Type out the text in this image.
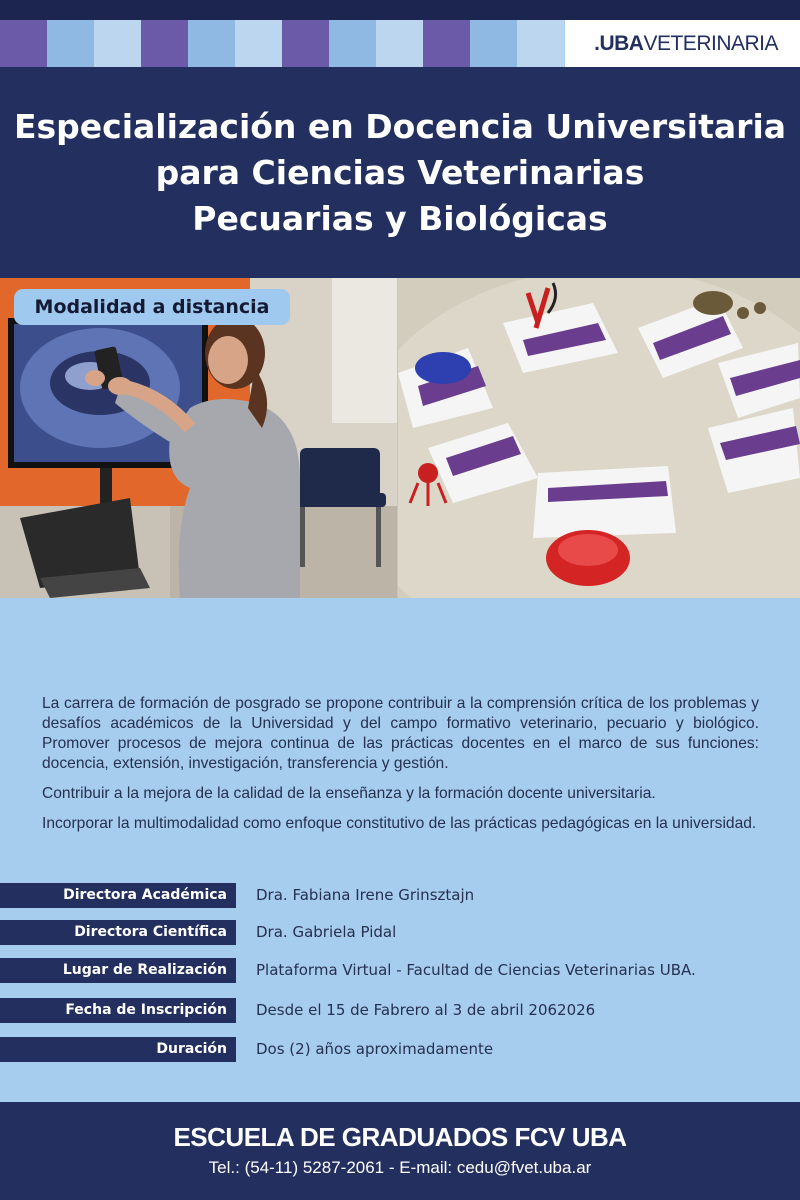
.UBA VETERINARIA
Especialización en Docencia Universitaria
para Ciencias Veterinarias
Pecuarias y Biológicas
Modalidad a distancia

La carrera de formación de posgrado se propone contribuir a la comprensión crítica de los problemas y desafíos académicos de la Universidad y del campo formativo veterinario, pecuario y biológico. Promover procesos de mejora continua de las prácticas docentes en el marco de sus funciones: docencia, extensión, investigación, transferencia y gestión.

Contribuir a la mejora de la calidad de la enseñanza y la formación docente universitaria.

Incorporar la multimodalidad como enfoque constitutivo de las prácticas pedagógicas en la universidad.

Directora Académica	Dra. Fabiana Irene Grinsztajn
Directora Científica	Dra. Gabriela Pidal
Lugar de Realización	Plataforma Virtual - Facultad de Ciencias Veterinarias UBA.
Fecha de Inscripción	Desde el 15 de Fabrero al 3 de abril 2062026
Duración	Dos (2) años aproximadamente
ESCUELA DE GRADUADOS FCV UBA
Tel.: (54-11) 5287-2061 - E-mail: cedu@fvet.uba.ar
